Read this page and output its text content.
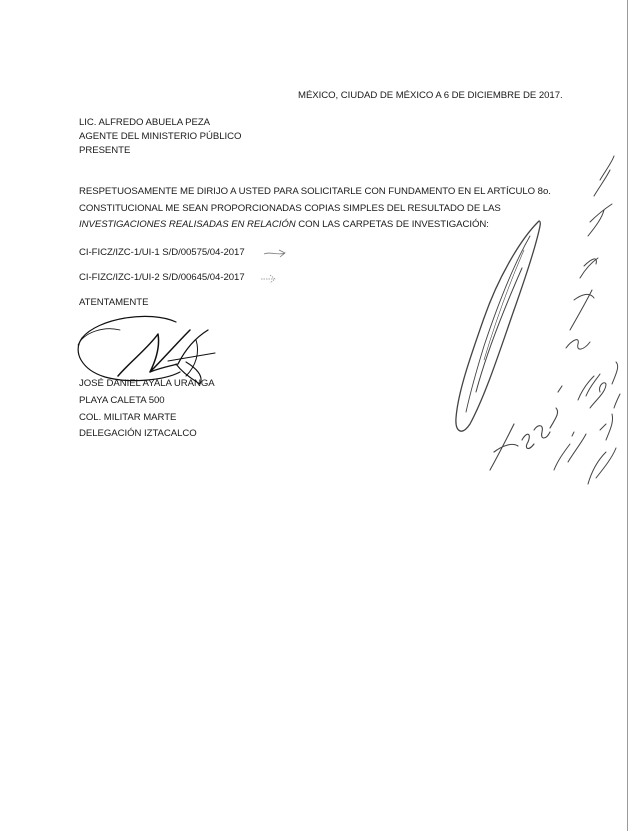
MÉXICO, CIUDAD DE MÉXICO A 6 DE DICIEMBRE DE 2017.
LIC. ALFREDO ABUELA PEZA
AGENTE DEL MINISTERIO PÚBLICO
PRESENTE
RESPETUOSAMENTE ME DIRIJO A USTED PARA SOLICITARLE CON FUNDAMENTO EN EL ARTÍCULO 8o.
CONSTITUCIONAL ME SEAN PROPORCIONADAS COPIAS SIMPLES DEL RESULTADO DE LAS
INVESTIGACIONES REALISADAS EN RELACIÓN CON LAS CARPETAS DE INVESTIGACIÓN:
CI-FICZ/IZC-1/UI-1 S/D/00575/04-2017
CI-FIZC/IZC-1/UI-2 S/D/00645/04-2017
ATENTAMENTE
JOSÉ DANIEL AYALA URANGA
PLAYA CALETA 500
COL. MILITAR MARTE
DELEGACIÓN IZTACALCO
